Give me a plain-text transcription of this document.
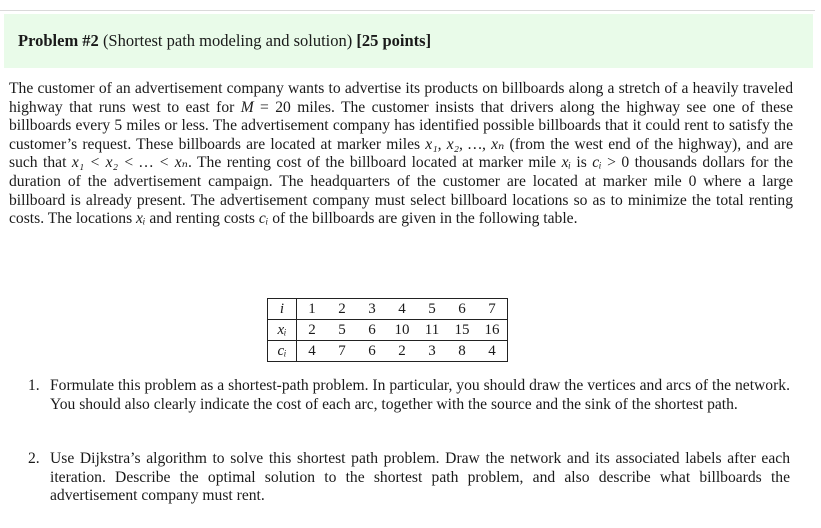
Problem #2 (Shortest path modeling and solution) [25 points]
The customer of an advertisement company wants to advertise its products on billboards along a stretch of a heavily traveled highway that runs west to east for M = 20 miles. The customer insists that drivers along the highway see one of these billboards every 5 miles or less. The advertisement company has identified possible billboards that it could rent to satisfy the customer’s request. These billboards are located at marker miles x₁, x₂, …, xₙ (from the west end of the highway), and are such that x₁ < x₂ < … < xₙ. The renting cost of the billboard located at marker mile xᵢ is cᵢ > 0 thousands dollars for the duration of the advertisement campaign. The headquarters of the customer are located at marker mile 0 where a large billboard is already present. The advertisement company must select billboard locations so as to minimize the total renting costs. The locations xᵢ and renting costs cᵢ of the billboards are given in the following table.
i	1	2	3	4	5	6	7
xᵢ	2	5	6	10	11	15	16
cᵢ	4	7	6	2	3	8	4
1. Formulate this problem as a shortest-path problem. In particular, you should draw the vertices and arcs of the network. You should also clearly indicate the cost of each arc, together with the source and the sink of the shortest path.
2. Use Dijkstra’s algorithm to solve this shortest path problem. Draw the network and its associated labels after each iteration. Describe the optimal solution to the shortest path problem, and also describe what billboards the advertisement company must rent.
